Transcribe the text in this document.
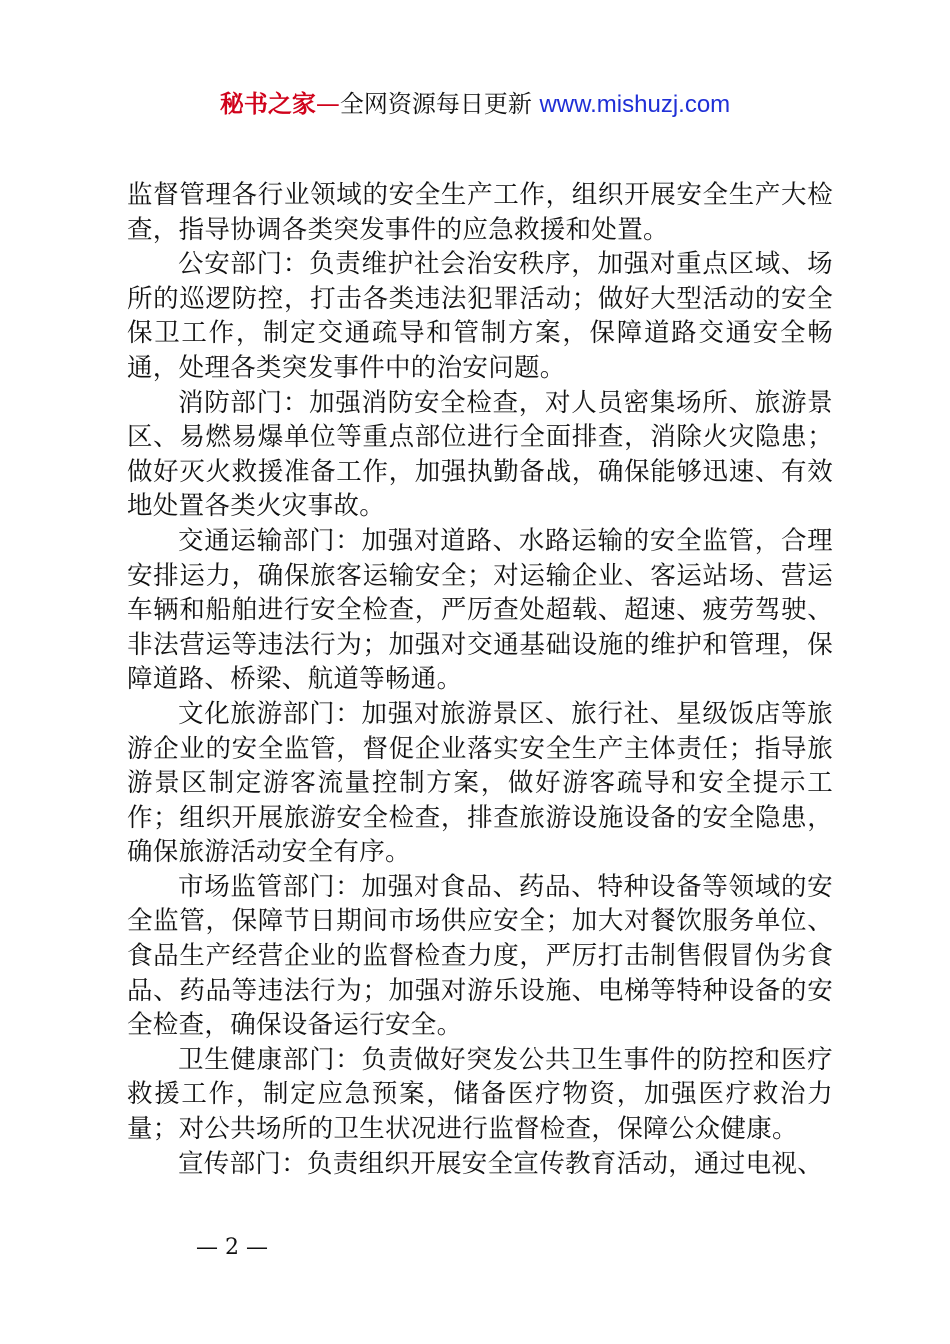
秘书之家—全网资源每日更新 www.mishuzj.com

监督管理各行业领域的安全生产工作，组织开展安全生产大检查，指导协调各类突发事件的应急救援和处置。

公安部门：负责维护社会治安秩序，加强对重点区域、场所的巡逻防控，打击各类违法犯罪活动；做好大型活动的安全保卫工作，制定交通疏导和管制方案，保障道路交通安全畅通，处理各类突发事件中的治安问题。

消防部门：加强消防安全检查，对人员密集场所、旅游景区、易燃易爆单位等重点部位进行全面排查，消除火灾隐患；做好灭火救援准备工作，加强执勤备战，确保能够迅速、有效地处置各类火灾事故。

交通运输部门：加强对道路、水路运输的安全监管，合理安排运力，确保旅客运输安全；对运输企业、客运站场、营运车辆和船舶进行安全检查，严厉查处超载、超速、疲劳驾驶、非法营运等违法行为；加强对交通基础设施的维护和管理，保障道路、桥梁、航道等畅通。

文化旅游部门：加强对旅游景区、旅行社、星级饭店等旅游企业的安全监管，督促企业落实安全生产主体责任；指导旅游景区制定游客流量控制方案，做好游客疏导和安全提示工作；组织开展旅游安全检查，排查旅游设施设备的安全隐患，确保旅游活动安全有序。

市场监管部门：加强对食品、药品、特种设备等领域的安全监管，保障节日期间市场供应安全；加大对餐饮服务单位、食品生产经营企业的监督检查力度，严厉打击制售假冒伪劣食品、药品等违法行为；加强对游乐设施、电梯等特种设备的安全检查，确保设备运行安全。

卫生健康部门：负责做好突发公共卫生事件的防控和医疗救援工作，制定应急预案，储备医疗物资，加强医疗救治力量；对公共场所的卫生状况进行监督检查，保障公众健康。

宣传部门：负责组织开展安全宣传教育活动，通过电视、

— 2 —
